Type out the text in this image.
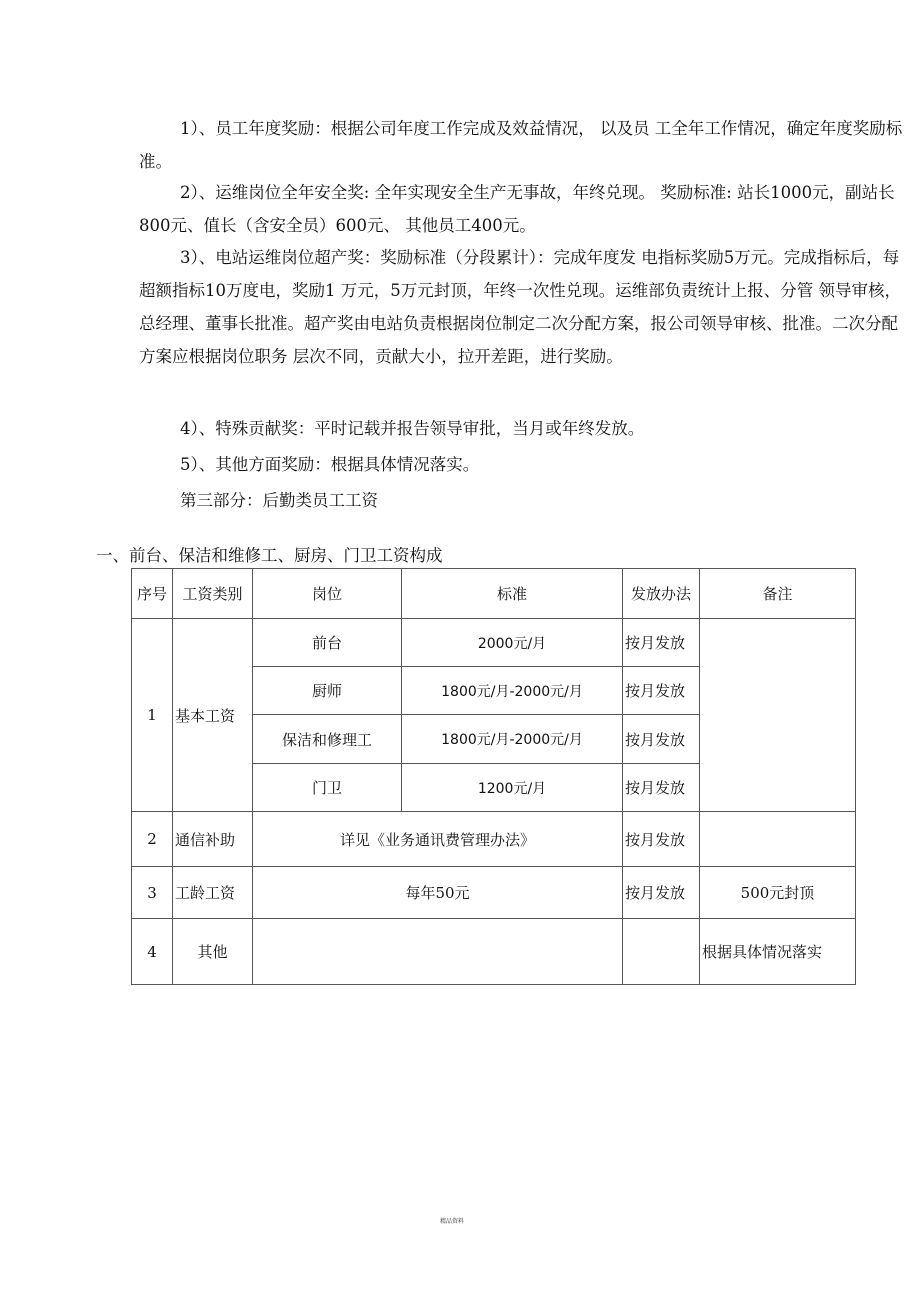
1）、员工年度奖励：根据公司年度工作完成及效益情况， 以及员 工全年工作情况，确定年度奖励标准。

2）、运维岗位全年安全奖: 全年实现安全生产无事故，年终兑现。 奖励标准: 站长1000元，副站长800元、值长（含安全员）600元、 其他员工400元。

3）、电站运维岗位超产奖：奖励标准（分段累计）：完成年度发 电指标奖励5万元。完成指标后，每超额指标10万度电，奖励1 万元，5万元封顶，年终一次性兑现。运维部负责统计上报、分管 领导审核，总经理、董事长批准。超产奖由电站负责根据岗位制定二次分配方案，报公司领导审核、批准。二次分配方案应根据岗位职务 层次不同，贡献大小，拉开差距，进行奖励。

4）、特殊贡献奖：平时记载并报告领导审批，当月或年终发放。

5）、其他方面奖励：根据具体情况落实。

第三部分：后勤类员工工资

一、前台、保洁和维修工、厨房、门卫工资构成

序号	工资类别	岗位	标准	发放办法	备注
1	基本工资	前台	2000元/月	按月发放	
		厨师	1800元/月-2000元/月	按月发放	
		保洁和修理工	1800元/月-2000元/月	按月发放	
		门卫	1200元/月	按月发放	
2	通信补助	详见《业务通讯费管理办法》		按月发放	
3	工龄工资	每年50元		按月发放	500元封顶
4	其他				根据具体情况落实
精品资料
